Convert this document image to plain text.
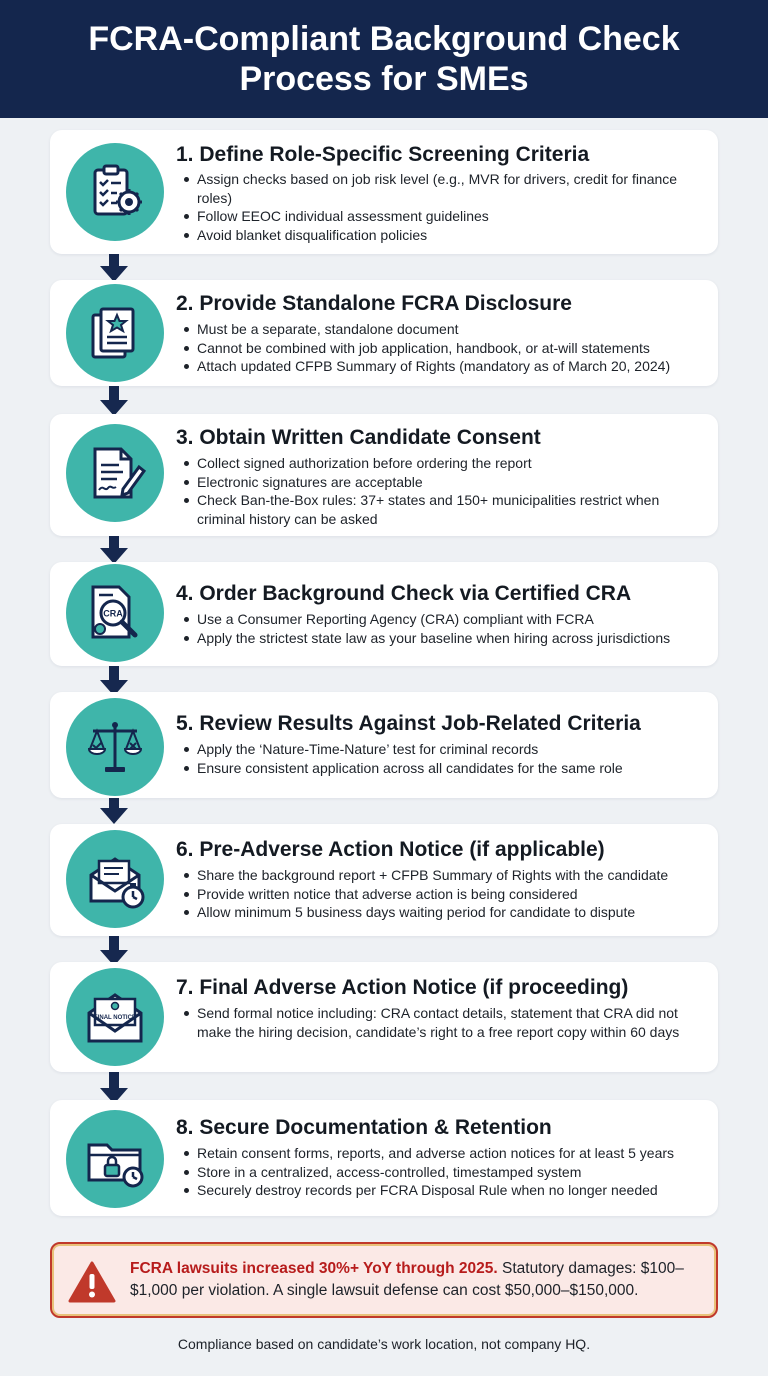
FCRA-Compliant Background Check Process for SMEs
1. Define Role-Specific Screening Criteria
Assign checks based on job risk level (e.g., MVR for drivers, credit for finance roles)
Follow EEOC individual assessment guidelines
Avoid blanket disqualification policies
2. Provide Standalone FCRA Disclosure
Must be a separate, standalone document
Cannot be combined with job application, handbook, or at-will statements
Attach updated CFPB Summary of Rights (mandatory as of March 20, 2024)
3. Obtain Written Candidate Consent
Collect signed authorization before ordering the report
Electronic signatures are acceptable
Check Ban-the-Box rules: 37+ states and 150+ municipalities restrict when criminal history can be asked
CRA
4. Order Background Check via Certified CRA
Use a Consumer Reporting Agency (CRA) compliant with FCRA
Apply the strictest state law as your baseline when hiring across jurisdictions
5. Review Results Against Job-Related Criteria
Apply the ‘Nature-Time-Nature’ test for criminal records
Ensure consistent application across all candidates for the same role
6. Pre-Adverse Action Notice (if applicable)
Share the background report + CFPB Summary of Rights with the candidate
Provide written notice that adverse action is being considered
Allow minimum 5 business days waiting period for candidate to dispute
FINAL NOTICE
7. Final Adverse Action Notice (if proceeding)
Send formal notice including: CRA contact details, statement that CRA did not make the hiring decision, candidate’s right to a free report copy within 60 days
8. Secure Documentation & Retention
Retain consent forms, reports, and adverse action notices for at least 5 years
Store in a centralized, access-controlled, timestamped system
Securely destroy records per FCRA Disposal Rule when no longer needed
FCRA lawsuits increased 30%+ YoY through 2025. Statutory damages: $100–$1,000 per violation. A single lawsuit defense can cost $50,000–$150,000.
Compliance based on candidate’s work location, not company HQ.
